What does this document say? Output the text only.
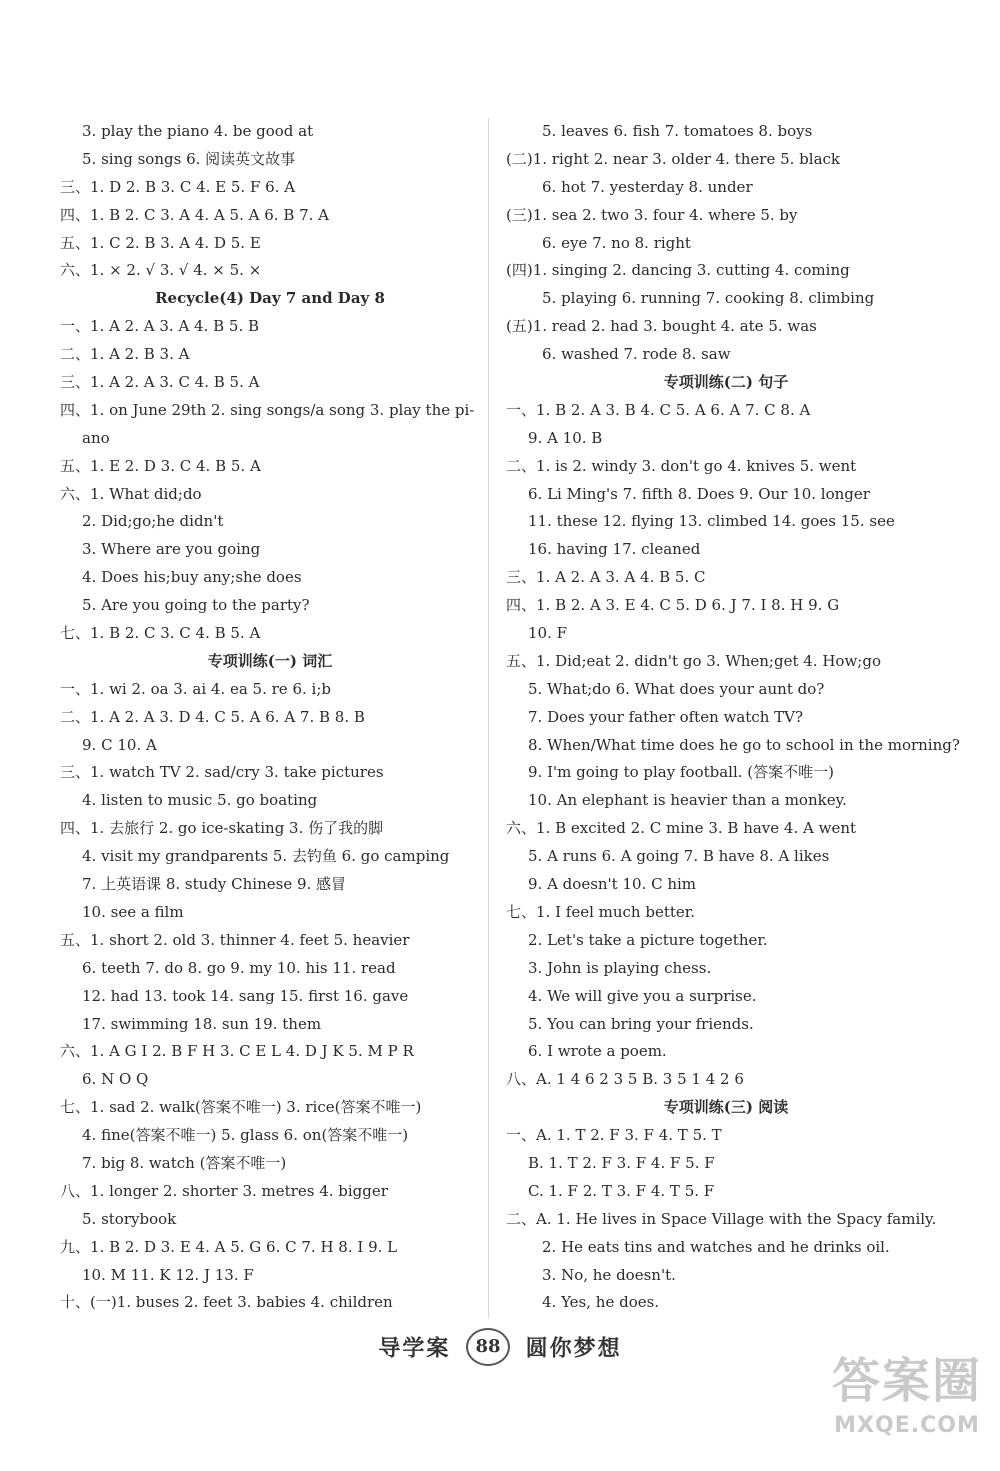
3. play the piano 4. be good at
5. sing songs 6. 阅读英文故事
三、1. D 2. B 3. C 4. E 5. F 6. A
四、1. B 2. C 3. A 4. A 5. A 6. B 7. A
五、1. C 2. B 3. A 4. D 5. E
六、1. × 2. √ 3. √ 4. × 5. ×
Recycle(4) Day 7 and Day 8
一、1. A 2. A 3. A 4. B 5. B
二、1. A 2. B 3. A
三、1. A 2. A 3. C 4. B 5. A
四、1. on June 29th 2. sing songs/a song 3. play the pi-
ano
五、1. E 2. D 3. C 4. B 5. A
六、1. What did;do
2. Did;go;he didn't
3. Where are you going
4. Does his;buy any;she does
5. Are you going to the party?
七、1. B 2. C 3. C 4. B 5. A
专项训练(一) 词汇
一、1. wi 2. oa 3. ai 4. ea 5. re 6. i;b
二、1. A 2. A 3. D 4. C 5. A 6. A 7. B 8. B
9. C 10. A
三、1. watch TV 2. sad/cry 3. take pictures
4. listen to music 5. go boating
四、1. 去旅行 2. go ice-skating 3. 伤了我的脚
4. visit my grandparents 5. 去钓鱼 6. go camping
7. 上英语课 8. study Chinese 9. 感冒
10. see a film
五、1. short 2. old 3. thinner 4. feet 5. heavier
6. teeth 7. do 8. go 9. my 10. his 11. read
12. had 13. took 14. sang 15. first 16. gave
17. swimming 18. sun 19. them
六、1. A G I 2. B F H 3. C E L 4. D J K 5. M P R
6. N O Q
七、1. sad 2. walk(答案不唯一) 3. rice(答案不唯一)
4. fine(答案不唯一) 5. glass 6. on(答案不唯一)
7. big 8. watch (答案不唯一)
八、1. longer 2. shorter 3. metres 4. bigger
5. storybook
九、1. B 2. D 3. E 4. A 5. G 6. C 7. H 8. I 9. L
10. M 11. K 12. J 13. F
十、(一)1. buses 2. feet 3. babies 4. children
5. leaves 6. fish 7. tomatoes 8. boys
(二)1. right 2. near 3. older 4. there 5. black
6. hot 7. yesterday 8. under
(三)1. sea 2. two 3. four 4. where 5. by
6. eye 7. no 8. right
(四)1. singing 2. dancing 3. cutting 4. coming
5. playing 6. running 7. cooking 8. climbing
(五)1. read 2. had 3. bought 4. ate 5. was
6. washed 7. rode 8. saw
专项训练(二) 句子
一、1. B 2. A 3. B 4. C 5. A 6. A 7. C 8. A
9. A 10. B
二、1. is 2. windy 3. don't go 4. knives 5. went
6. Li Ming's 7. fifth 8. Does 9. Our 10. longer
11. these 12. flying 13. climbed 14. goes 15. see
16. having 17. cleaned
三、1. A 2. A 3. A 4. B 5. C
四、1. B 2. A 3. E 4. C 5. D 6. J 7. I 8. H 9. G
10. F
五、1. Did;eat 2. didn't go 3. When;get 4. How;go
5. What;do 6. What does your aunt do?
7. Does your father often watch TV?
8. When/What time does he go to school in the morning?
9. I'm going to play football. (答案不唯一)
10. An elephant is heavier than a monkey.
六、1. B excited 2. C mine 3. B have 4. A went
5. A runs 6. A going 7. B have 8. A likes
9. A doesn't 10. C him
七、1. I feel much better.
2. Let's take a picture together.
3. John is playing chess.
4. We will give you a surprise.
5. You can bring your friends.
6. I wrote a poem.
八、A. 1 4 6 2 3 5 B. 3 5 1 4 2 6
专项训练(三) 阅读
一、A. 1. T 2. F 3. F 4. T 5. T
B. 1. T 2. F 3. F 4. F 5. F
C. 1. F 2. T 3. F 4. T 5. F
二、A. 1. He lives in Space Village with the Spacy family.
2. He eats tins and watches and he drinks oil.
3. No, he doesn't.
4. Yes, he does.
导学案 88 圆你梦想
答案圈
MXQE.COM
